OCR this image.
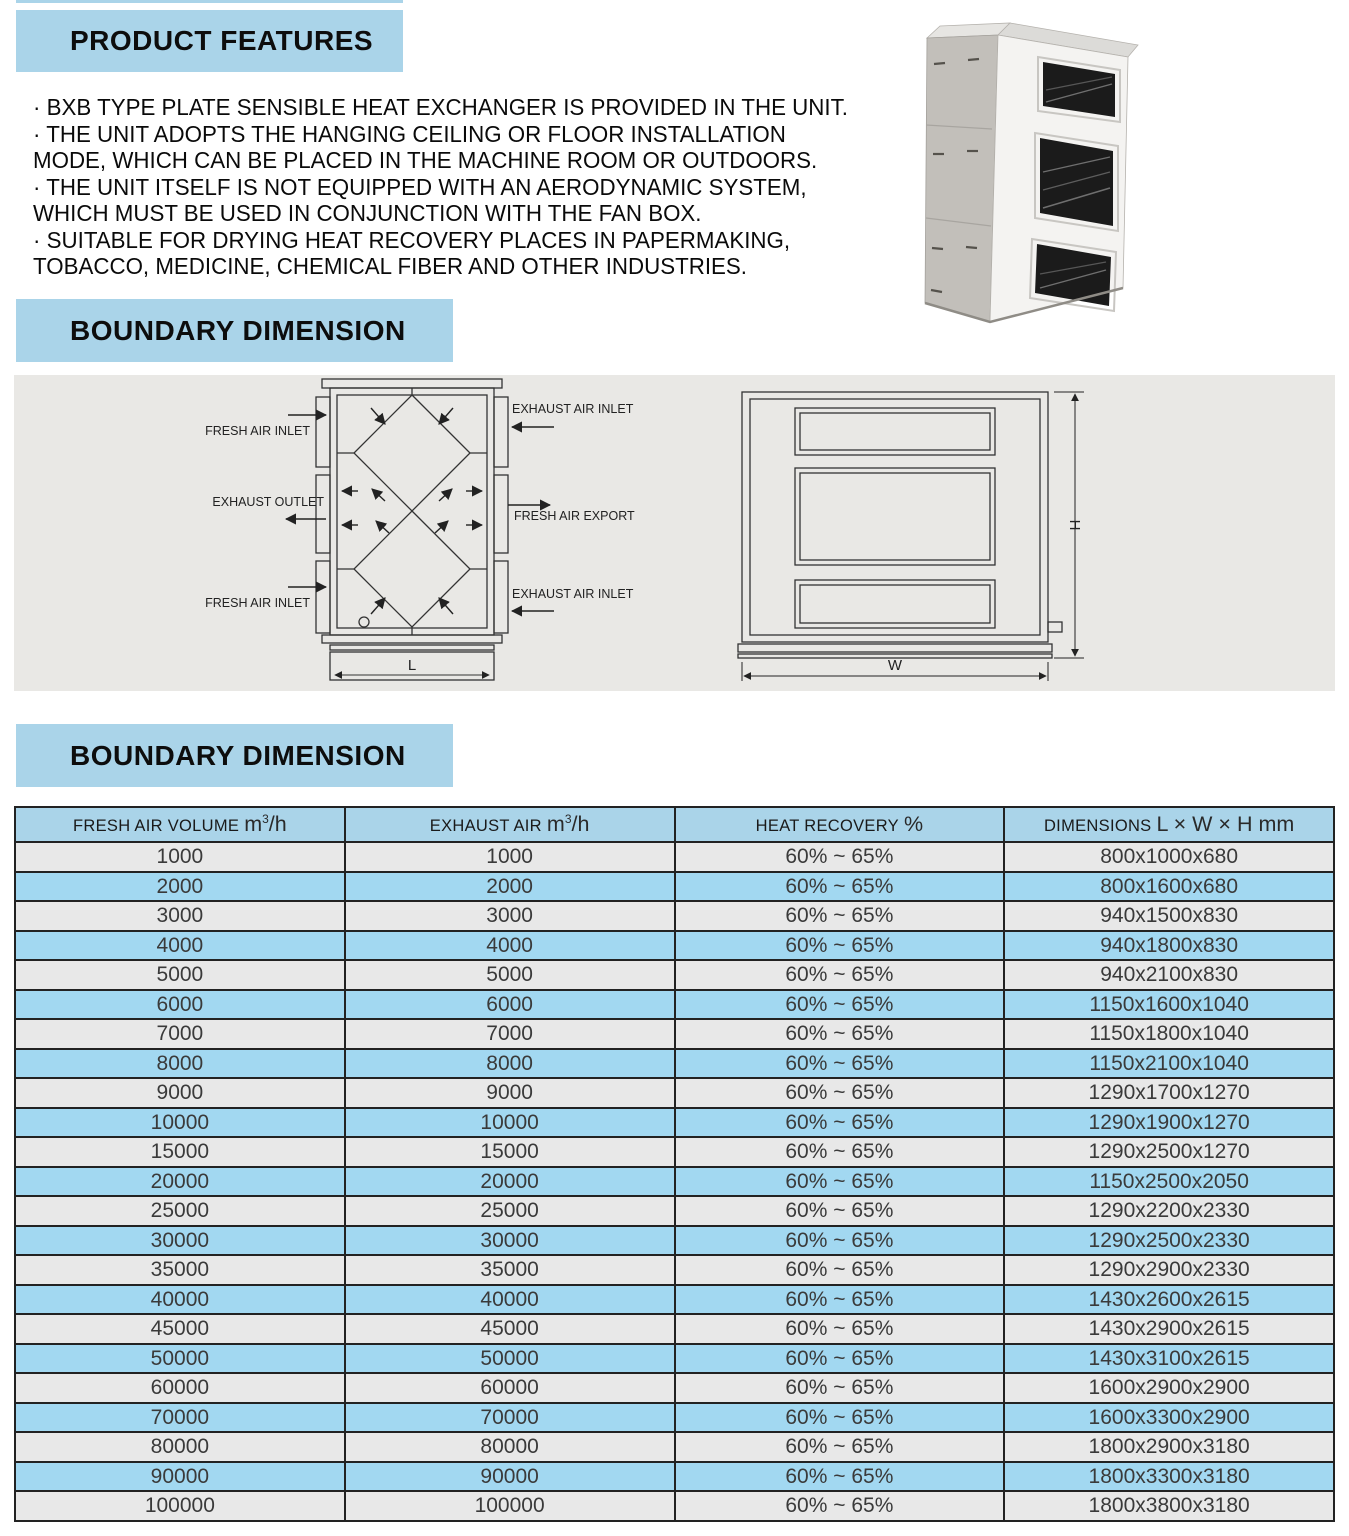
PRODUCT FEATURES
· BXB TYPE PLATE SENSIBLE HEAT EXCHANGER IS PROVIDED IN THE UNIT.
· THE UNIT ADOPTS THE HANGING CEILING OR FLOOR INSTALLATION
MODE, WHICH CAN BE PLACED IN THE MACHINE ROOM OR OUTDOORS.
· THE UNIT ITSELF IS NOT EQUIPPED WITH AN AERODYNAMIC SYSTEM,
WHICH MUST BE USED IN CONJUNCTION WITH THE FAN BOX.
· SUITABLE FOR DRYING HEAT RECOVERY PLACES IN PAPERMAKING,
TOBACCO, MEDICINE, CHEMICAL FIBER AND OTHER INDUSTRIES.
BOUNDARY DIMENSION
FRESH AIR INLET
EXHAUST OUTLET
FRESH AIR INLET
EXHAUST AIR INLET
FRESH AIR EXPORT
EXHAUST AIR INLET
L
H
W
BOUNDARY DIMENSION
FRESH AIR VOLUME $m^3/h$	EXHAUST AIR $m^3/h$	HEAT RECOVERY %	DIMENSIONS L × W × H mm
1000	1000	60% ~ 65%	800x1000x680
2000	2000	60% ~ 65%	800x1600x680
3000	3000	60% ~ 65%	940x1500x830
4000	4000	60% ~ 65%	940x1800x830
5000	5000	60% ~ 65%	940x2100x830
6000	6000	60% ~ 65%	1150x1600x1040
7000	7000	60% ~ 65%	1150x1800x1040
8000	8000	60% ~ 65%	1150x2100x1040
9000	9000	60% ~ 65%	1290x1700x1270
10000	10000	60% ~ 65%	1290x1900x1270
15000	15000	60% ~ 65%	1290x2500x1270
20000	20000	60% ~ 65%	1150x2500x2050
25000	25000	60% ~ 65%	1290x2200x2330
30000	30000	60% ~ 65%	1290x2500x2330
35000	35000	60% ~ 65%	1290x2900x2330
40000	40000	60% ~ 65%	1430x2600x2615
45000	45000	60% ~ 65%	1430x2900x2615
50000	50000	60% ~ 65%	1430x3100x2615
60000	60000	60% ~ 65%	1600x2900x2900
70000	70000	60% ~ 65%	1600x3300x2900
80000	80000	60% ~ 65%	1800x2900x3180
90000	90000	60% ~ 65%	1800x3300x3180
100000	100000	60% ~ 65%	1800x3800x3180
